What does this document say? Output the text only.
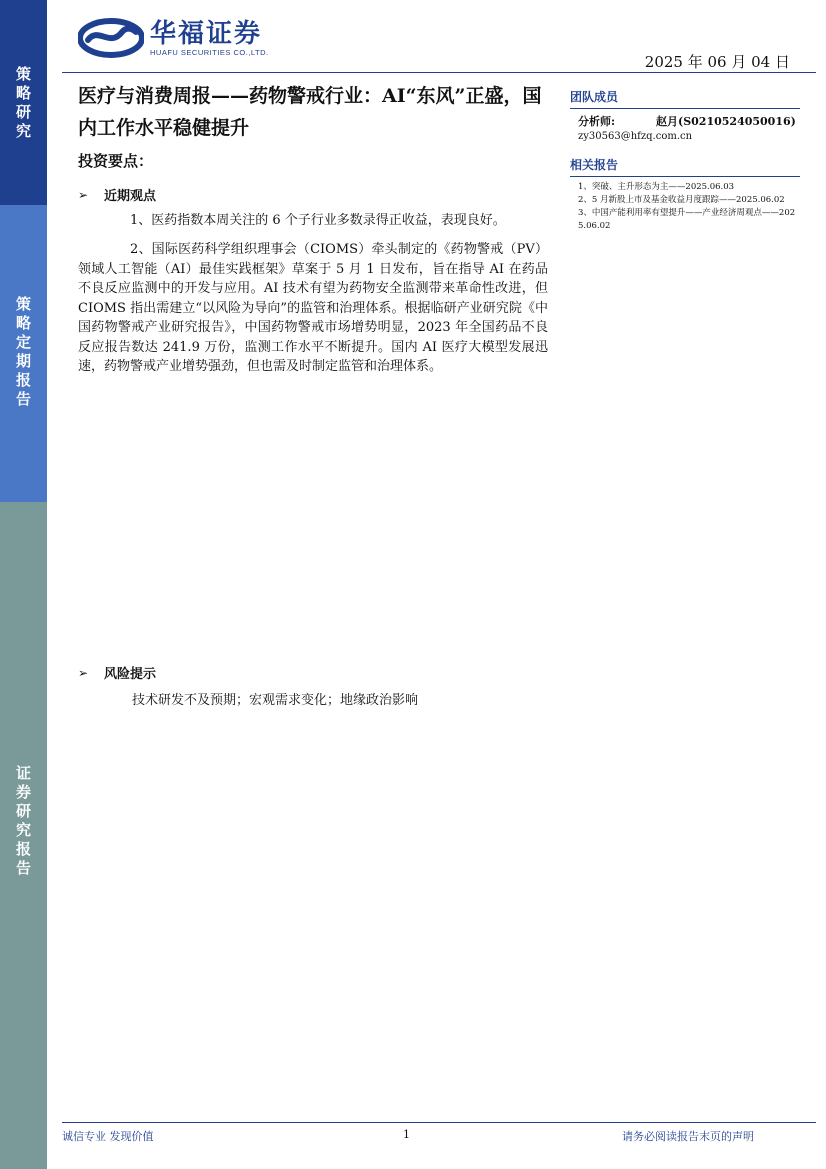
策略研究
策略定期报告
证券研究报告
华福证券
HUAFU SECURITIES CO.,LTD.
2025 年 06 月 04 日
医疗与消费周报——药物警戒行业：AI“东风”正盛，国内工作水平稳健提升
投资要点：
➢	近期观点

1、医药指数本周关注的 6 个子行业多数录得正收益，表现良好。

2、国际医药科学组织理事会（CIOMS）牵头制定的《药物警戒（PV）领域人工智能（AI）最佳实践框架》草案于 5 月 1 日发布，旨在指导 AI 在药品不良反应监测中的开发与应用。AI 技术有望为药物安全监测带来革命性改进，但 CIOMS 指出需建立“以风险为导向”的监管和治理体系。根据临研产业研究院《中国药物警戒产业研究报告》，中国药物警戒市场增势明显，2023 年全国药品不良反应报告数达 241.9 万份，监测工作水平不断提升。国内 AI 医疗大模型发展迅速，药物警戒产业增势强劲，但也需及时制定监管和治理体系。

➢	风险提示
技术研发不及预期；宏观需求变化；地缘政治影响
团队成员
分析师:	赵月(S0210524050016)
zy30563@hfzq.com.cn
相关报告
1、突破、主升形态为主——2025.06.03
2、5 月新股上市及基金收益月度跟踪——2025.06.02
3、中国产能利用率有望提升——产业经济周观点——2025.06.02
诚信专业 发现价值	1	请务必阅读报告末页的声明
